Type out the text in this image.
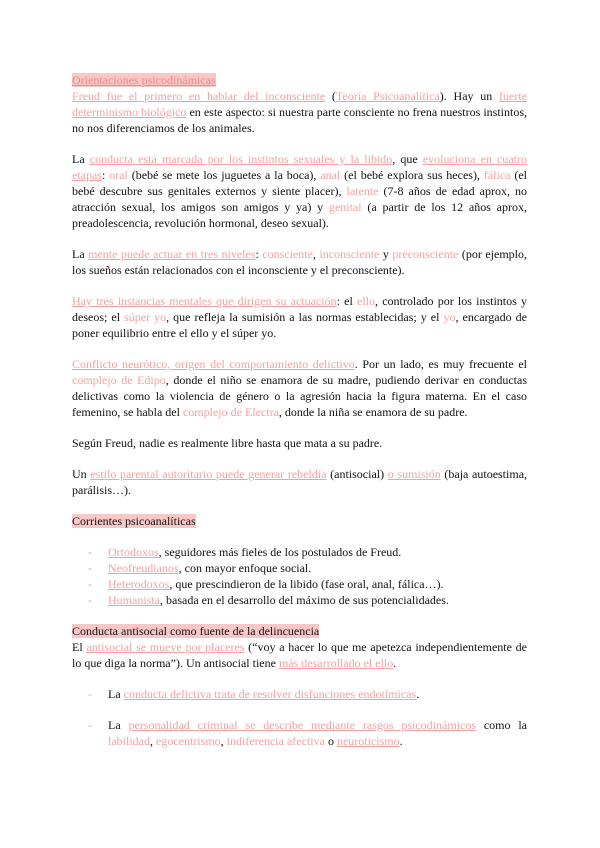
Orientaciones psicodinámicas

Freud fue el primero en hablar del inconsciente (Teoría Psicoanalítica). Hay un fuerte determinismo biológico en este aspecto: si nuestra parte consciente no frena nuestros instintos, no nos diferenciamos de los animales.

La conducta está marcada por los instintos sexuales y la libido, que evoluciona en cuatro etapas: oral (bebé se mete los juguetes a la boca), anal (el bebé explora sus heces), fálica (el bebé descubre sus genitales externos y siente placer), latente (7-8 años de edad aprox, no atracción sexual, los amigos son amigos y ya) y genital (a partir de los 12 años aprox, preadolescencia, revolución hormonal, deseo sexual).

La mente puede actuar en tres niveles: consciente, inconsciente y preconsciente (por ejemplo, los sueños están relacionados con el inconsciente y el preconsciente).

Hay tres instancias mentales que dirigen su actuación: el ello, controlado por los instintos y deseos; el súper yo, que refleja la sumisión a las normas establecidas; y el yo, encargado de poner equilibrio entre el ello y el súper yo.

Conflicto neurótico, origen del comportamiento delictivo. Por un lado, es muy frecuente el complejo de Edipo, donde el niño se enamora de su madre, pudiendo derivar en conductas delictivas como la violencia de género o la agresión hacia la figura materna. En el caso femenino, se habla del complejo de Electra, donde la niña se enamora de su padre.

Según Freud, nadie es realmente libre hasta que mata a su padre.

Un estilo parental autoritario puede generar rebeldía (antisocial) o sumisión (baja autoestima, parálisis…).

Corrientes psicoanalíticas

- Ortodoxos, seguidores más fieles de los postulados de Freud.
- Neofreudianos, con mayor enfoque social.
- Heterodoxos, que prescindieron de la libido (fase oral, anal, fálica…).
- Humanista, basada en el desarrollo del máximo de sus potencialidades.

Conducta antisocial como fuente de la delincuencia

El antisocial se mueve por placeres (“voy a hacer lo que me apetezca independientemente de lo que diga la norma”). Un antisocial tiene más desarrollado el ello.

- La conducta delictiva trata de resolver disfunciones endotímicas.
- La personalidad criminal se describe mediante rasgos psicodinámicos como la labilidad, egocentrismo, indiferencia afectiva o neuroticismo.
